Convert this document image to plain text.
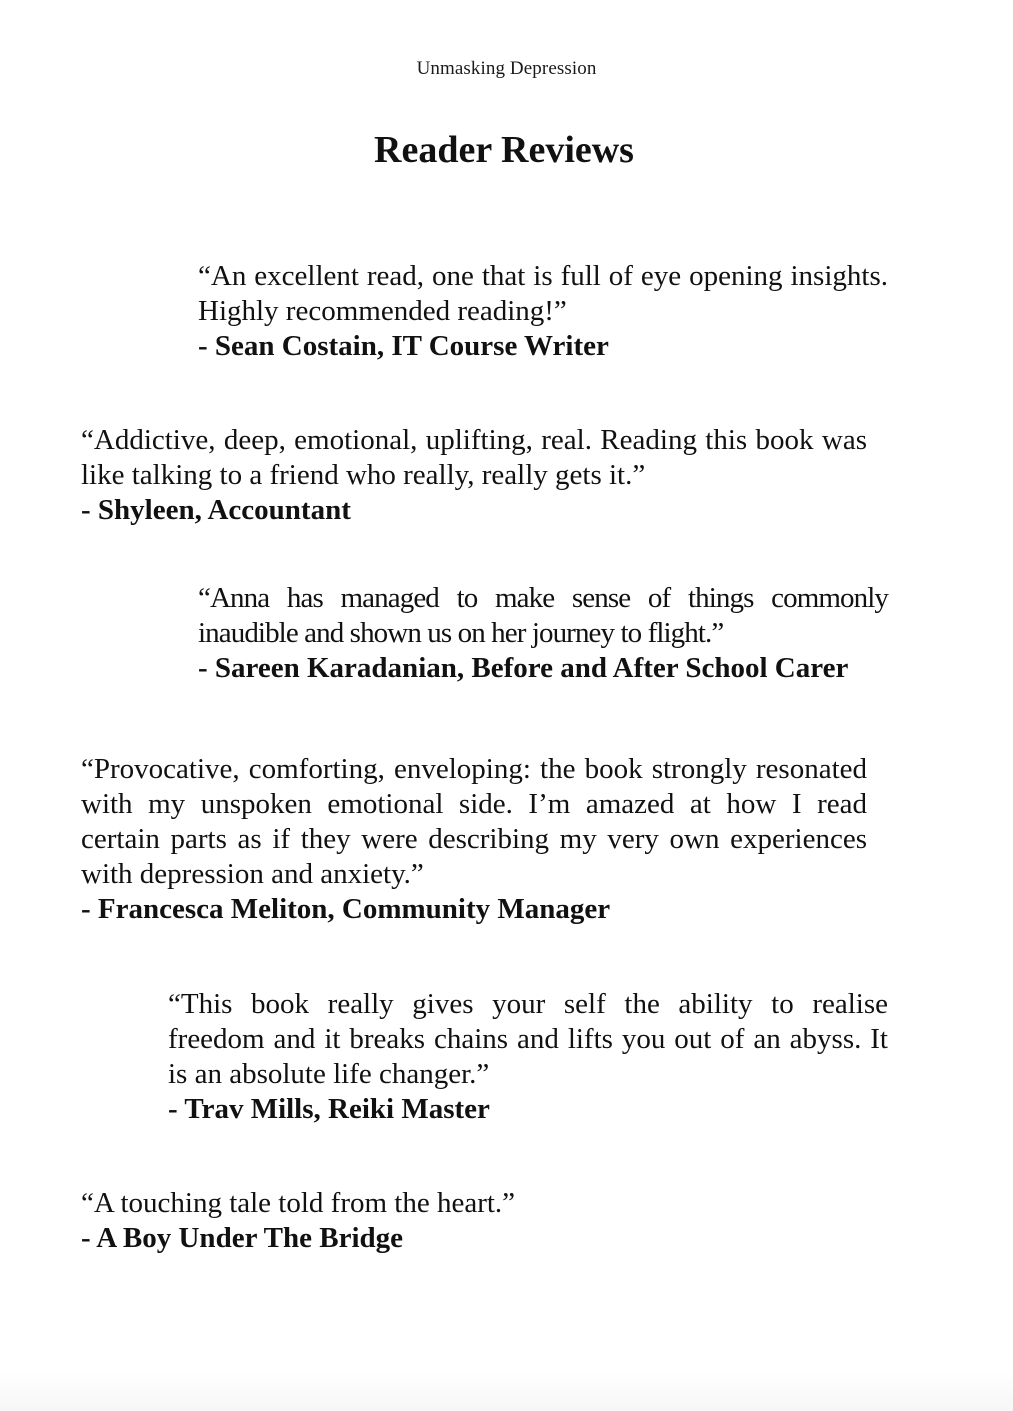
Unmasking Depression
Reader Reviews

“An excellent read, one that is full of eye opening insights. Highly recommended reading!”

- Sean Costain, IT Course Writer

“Addictive, deep, emotional, uplifting, real. Reading this book was like talking to a friend who really, really gets it.”

- Shyleen, Accountant

“Anna has managed to make sense of things commonly inaudible and shown us on her journey to flight.”

- Sareen Karadanian, Before and After School Carer

“Provocative, comforting, enveloping: the book strongly resonated with my unspoken emotional side. I’m amazed at how I read certain parts as if they were describing my very own experiences with depression and anxiety.”

- Francesca Meliton, Community Manager

“This book really gives your self the ability to realise freedom and it breaks chains and lifts you out of an abyss. It is an absolute life changer.”

- Trav Mills, Reiki Master

“A touching tale told from the heart.”

- A Boy Under The Bridge
